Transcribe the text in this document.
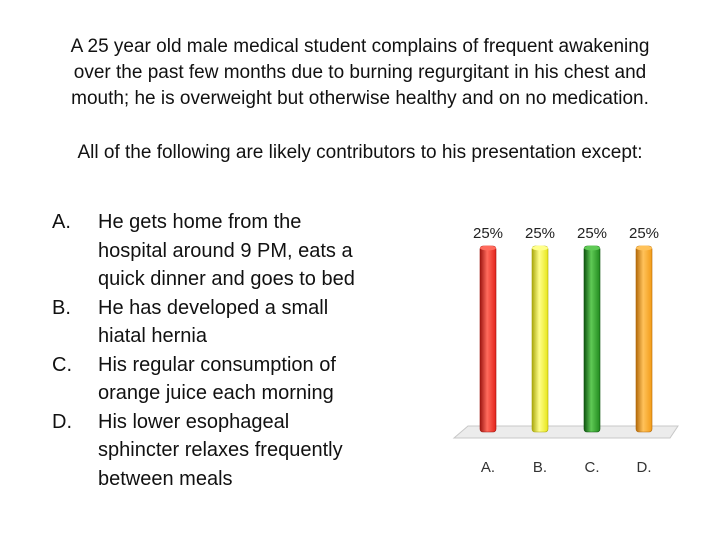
A 25 year old male medical student complains of frequent awakening

over the past few months due to burning regurgitant in his chest and

mouth; he is overweight but otherwise healthy and on no medication.

All of the following are likely contributors to his presentation except:

A.	He gets home from the
hospital around 9 PM, eats a
quick dinner and goes to bed
B.	He has developed a small
hiatal hernia
C.	His regular consumption of
orange juice each morning
D.	His lower esophageal
sphincter relaxes frequently
between meals
25% 25% 25% 25%
A.	B. C. D.
